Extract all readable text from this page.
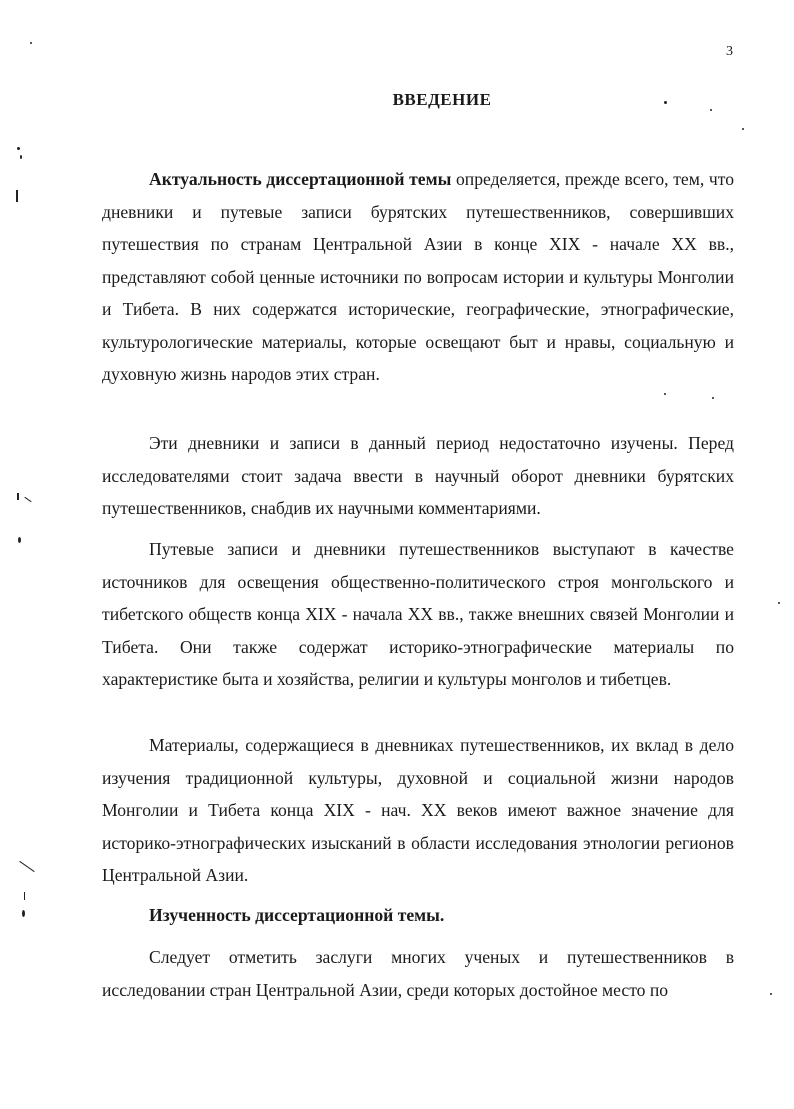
3
ВВЕДЕНИЕ
Актуальность диссертационной темы определяется, прежде всего, тем, что дневники и путевые записи бурятских путешественников, совершивших путешествия по странам Центральной Азии в конце XIX - начале XX вв., представляют собой ценные источники по вопросам истории и культуры Монголии и Тибета. В них содержатся исторические, географические, этнографические, культурологические материалы, которые освещают быт и нравы, социальную и духовную жизнь народов этих стран.
Эти дневники и записи в данный период недостаточно изучены. Перед исследователями стоит задача ввести в научный оборот дневники бурятских путешественников, снабдив их научными комментариями.
Путевые записи и дневники путешественников выступают в качестве источников для освещения общественно-политического строя монгольского и тибетского обществ конца XIX - начала XX вв., также внешних связей Монголии и Тибета. Они также содержат историко-этнографические материалы по характеристике быта и хозяйства, религии и культуры монголов и тибетцев.
Материалы, содержащиеся в дневниках путешественников, их вклад в дело изучения традиционной культуры, духовной и социальной жизни народов Монголии и Тибета конца XIX - нач. XX веков имеют важное значение для историко-этнографических изысканий в области исследования этнологии регионов Центральной Азии.
Изученность диссертационной темы.
Следует отметить заслуги многих ученых и путешественников в исследовании стран Центральной Азии, среди которых достойное место по
